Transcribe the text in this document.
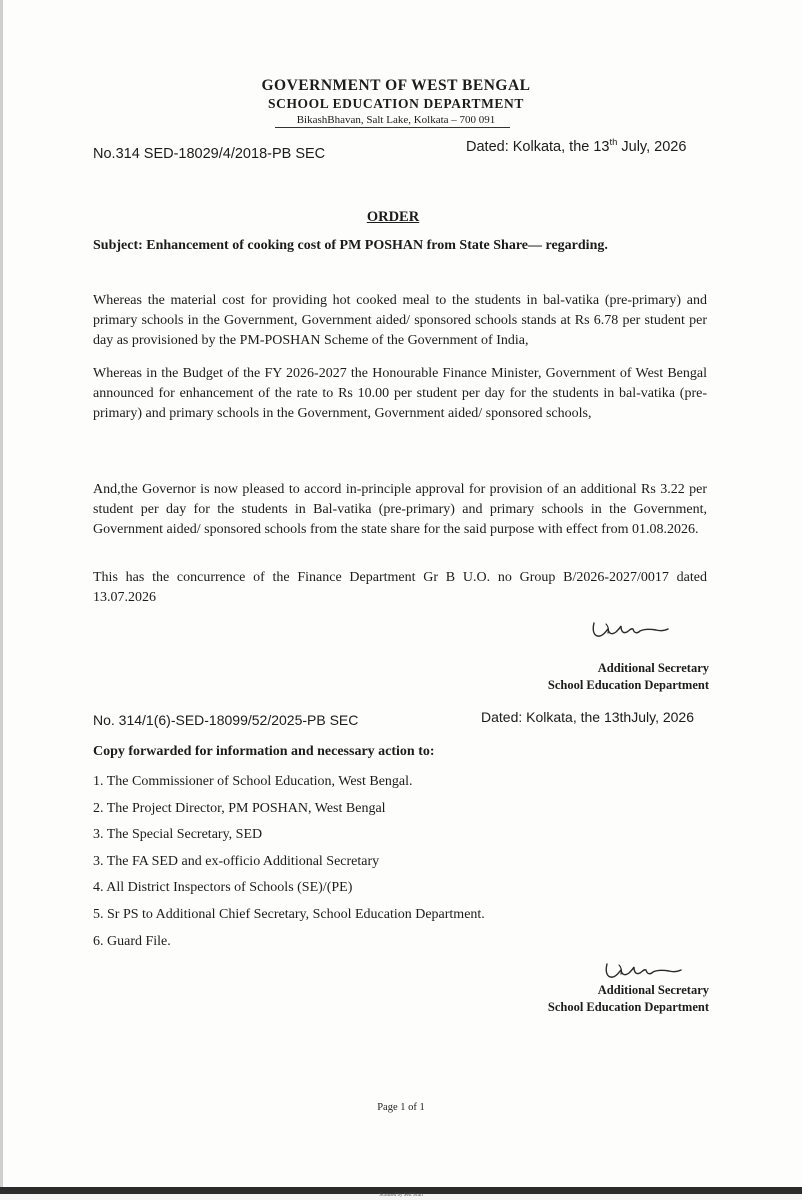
GOVERNMENT OF WEST BENGAL
SCHOOL EDUCATION DEPARTMENT
BikashBhavan, Salt Lake, Kolkata – 700 091
No.314 SED-18029/4/2018-PB SEC	Dated: Kolkata, the 13th July, 2026
ORDER
Subject: Enhancement of cooking cost of PM POSHAN from State Share— regarding.

Whereas the material cost for providing hot cooked meal to the students in bal-vatika (pre-primary) and primary schools in the Government, Government aided/ sponsored schools stands at Rs 6.78 per student per day as provisioned by the PM-POSHAN Scheme of the Government of India,

Whereas in the Budget of the FY 2026-2027 the Honourable Finance Minister, Government of West Bengal announced for enhancement of the rate to Rs 10.00 per student per day for the students in bal-vatika (pre-primary) and primary schools in the Government, Government aided/ sponsored schools,

And,the Governor is now pleased to accord in-principle approval for provision of an additional Rs 3.22 per student per day for the students in Bal-vatika (pre-primary) and primary schools in the Government, Government aided/ sponsored schools from the state share for the said purpose with effect from 01.08.2026.

This has the concurrence of the Finance Department Gr B U.O. no Group B/2026-2027/0017 dated 13.07.2026

Additional Secretary
School Education Department
No. 314/1(6)-SED-18099/52/2025-PB SEC	Dated: Kolkata, the 13thJuly, 2026
Copy forwarded for information and necessary action to:
1. The Commissioner of School Education, West Bengal.
2. The Project Director, PM POSHAN, West Bengal
3. The Special Secretary, SED
3. The FA SED and ex-officio Additional Secretary
4. All District Inspectors of Schools (SE)/(PE)
5. Sr PS to Additional Chief Secretary, School Education Department.
6. Guard File.
Additional Secretary
School Education Department
Page 1 of 1
Scanned by Self Scan
